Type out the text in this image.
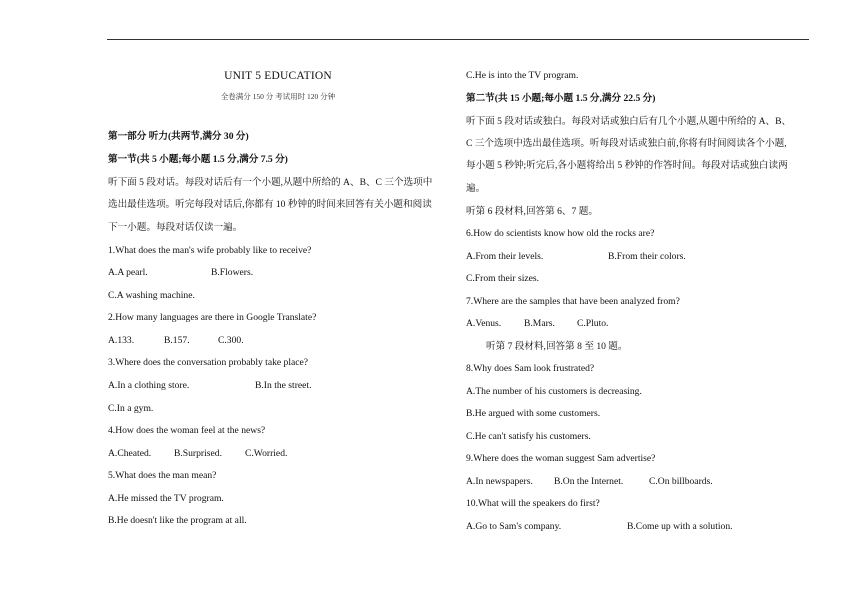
UNIT 5 EDUCATION
全卷满分 150 分 考试用时 120 分钟
第一部分 听力(共两节,满分 30 分)
第一节(共 5 小题;每小题 1.5 分,满分 7.5 分)
听下面 5 段对话。每段对话后有一个小题,从题中所给的 A、B、C 三个选项中
选出最佳选项。听完每段对话后,你都有 10 秒钟的时间来回答有关小题和阅读
下一小题。每段对话仅读一遍。
1.What does the man's wife probably like to receive?
A.A pearl.	B.Flowers.
C.A washing machine.
2.How many languages are there in Google Translate?
A.133.	B.157.	C.300.
3.Where does the conversation probably take place?
A.In a clothing store.	B.In the street.
C.In a gym.
4.How does the woman feel at the news?
A.Cheated. B.Surprised. C.Worried.
5.What does the man mean?
A.He missed the TV program.
B.He doesn't like the program at all.
C.He is into the TV program.
第二节(共 15 小题;每小题 1.5 分,满分 22.5 分)
听下面 5 段对话或独白。每段对话或独白后有几个小题,从题中所给的 A、B、
C 三个选项中选出最佳选项。听每段对话或独白前,你将有时间阅读各个小题,
每小题 5 秒钟;听完后,各小题将给出 5 秒钟的作答时间。每段对话或独白读两
遍。
听第 6 段材料,回答第 6、7 题。
6.How do scientists know how old the rocks are?
A.From their levels.	B.From their colors.
C.From their sizes.
7.Where are the samples that have been analyzed from?
A.Venus. B.Mars. C.Pluto.
听第 7 段材料,回答第 8 至 10 题。
8.Why does Sam look frustrated?
A.The number of his customers is decreasing.
B.He argued with some customers.
C.He can't satisfy his customers.
9.Where does the woman suggest Sam advertise?
A.In newspapers. B.On the Internet.	C.On billboards.
10.What will the speakers do first?
A.Go to Sam's company.	B.Come up with a solution.
